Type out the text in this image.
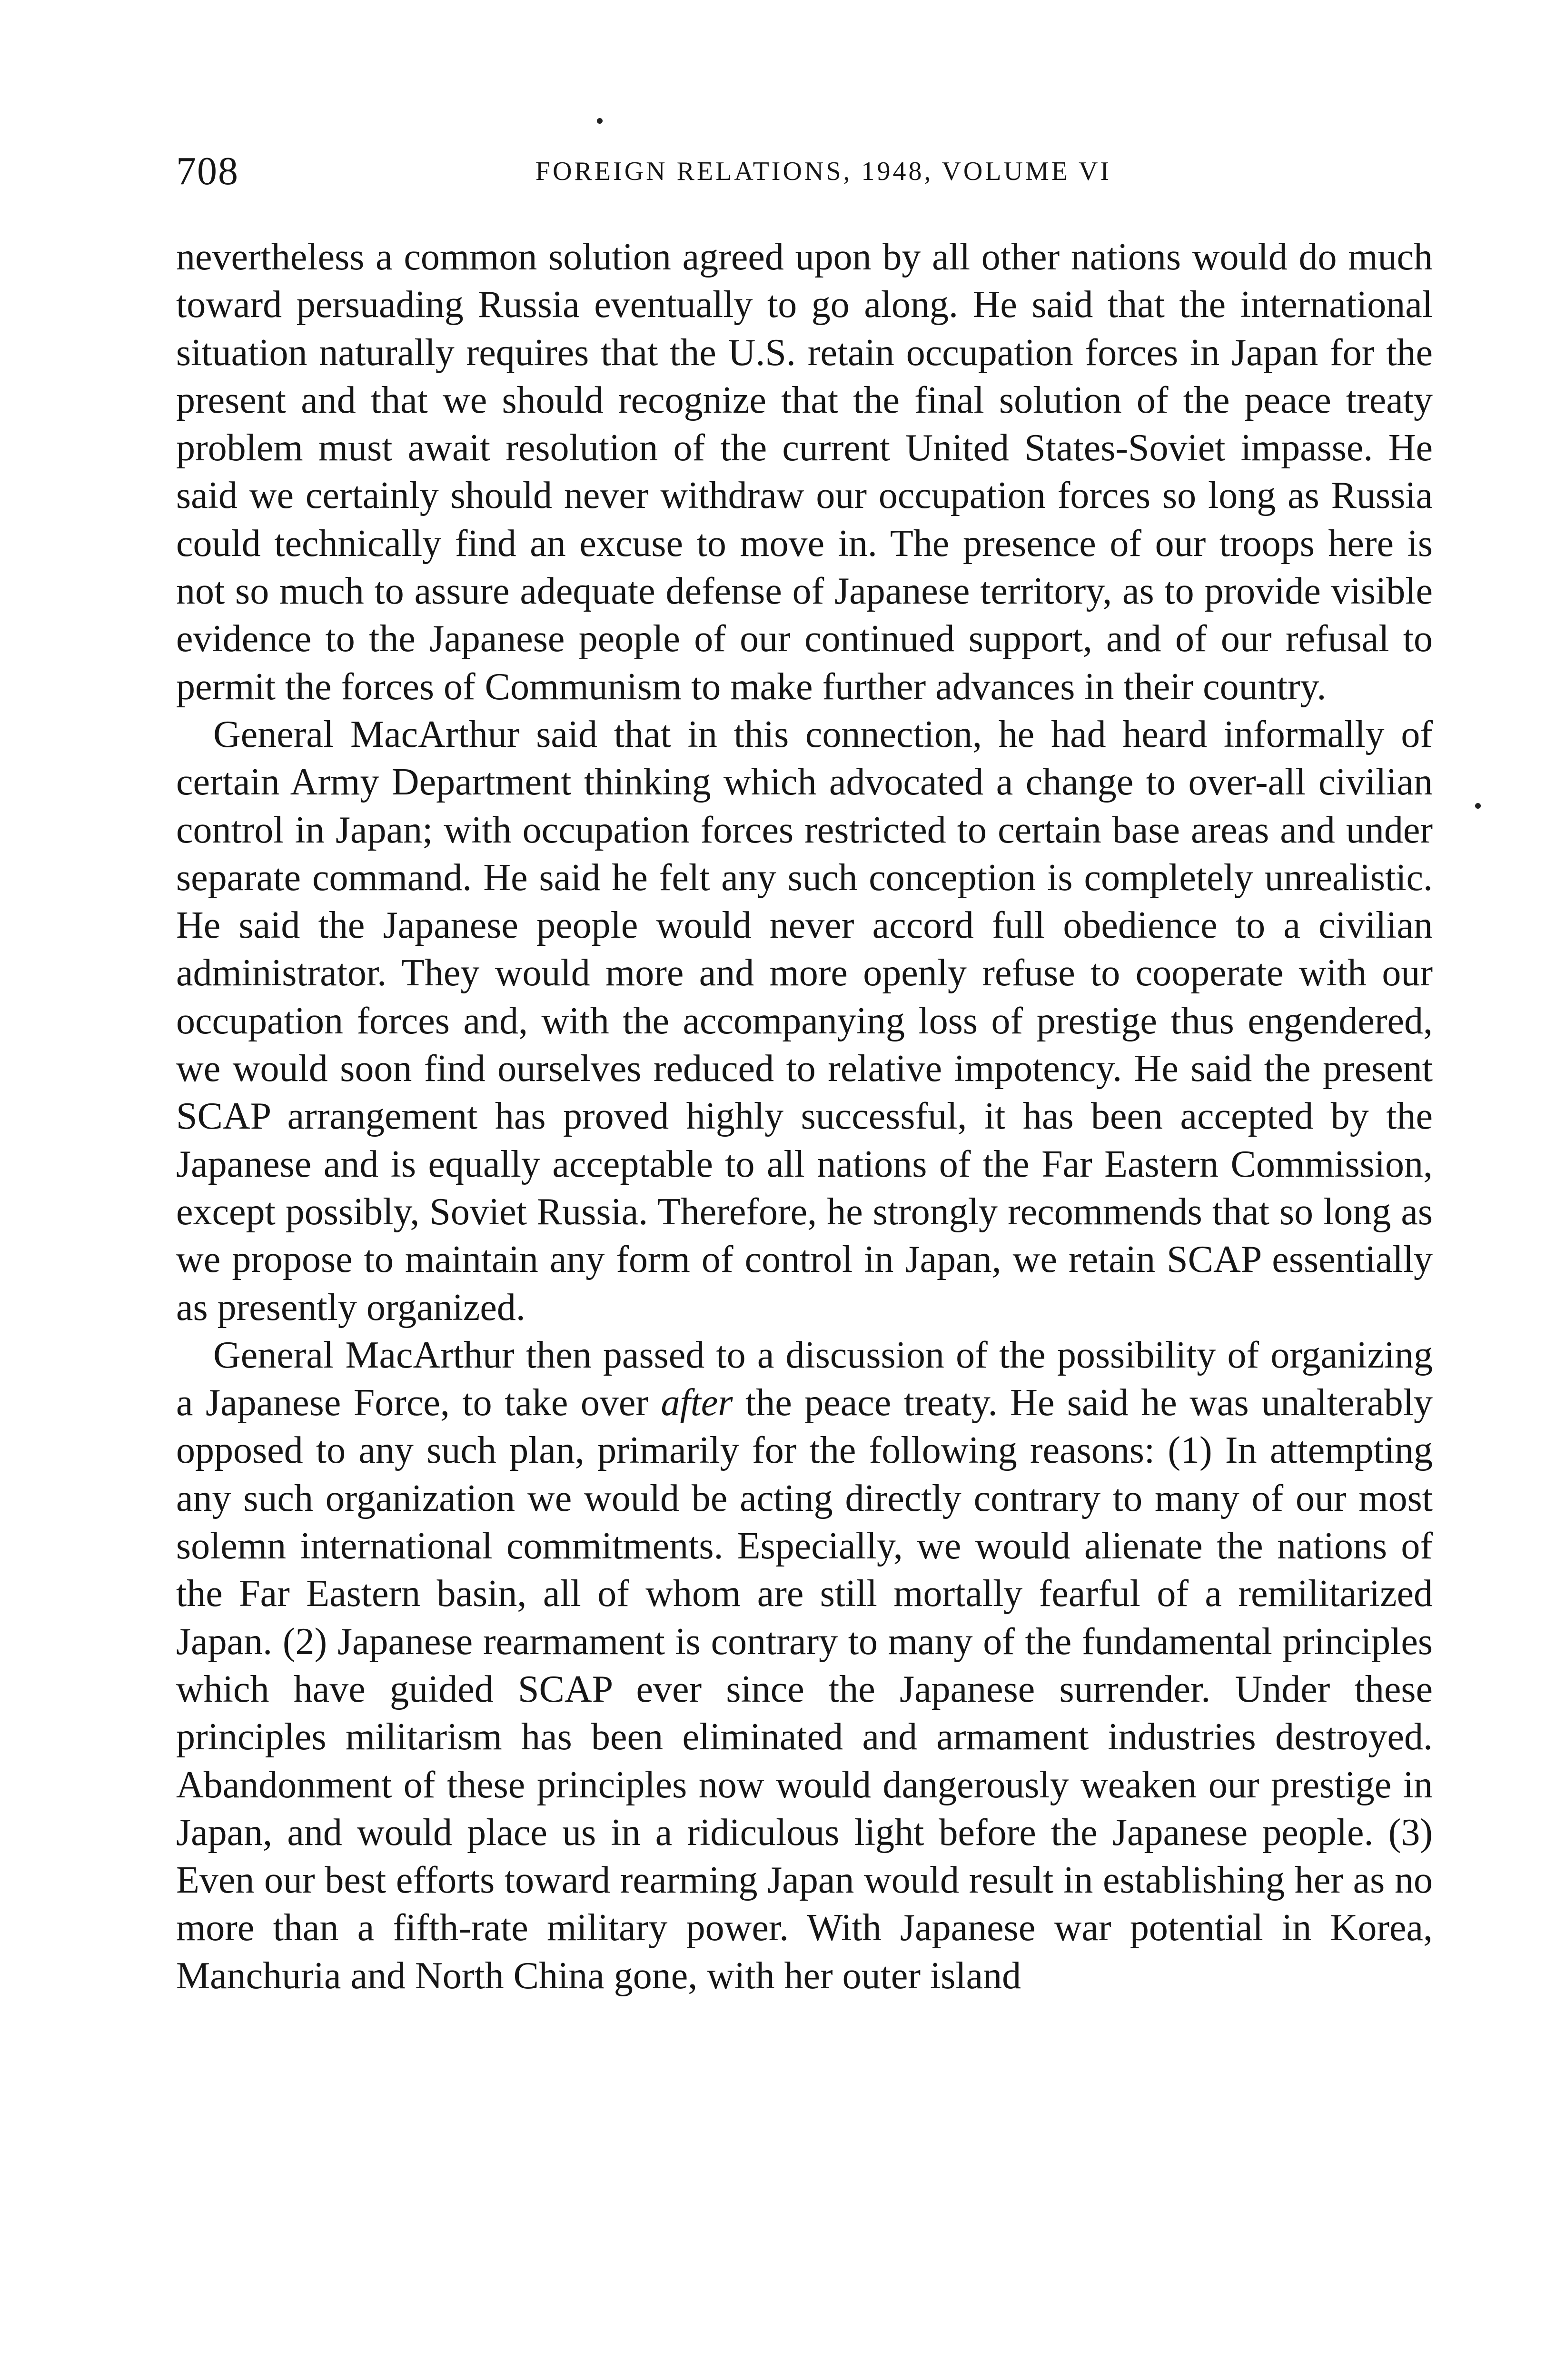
708	FOREIGN RELATIONS, 1948, VOLUME VI

nevertheless a common solution agreed upon by all other nations would do much toward persuading Russia eventually to go along. He said that the international situation naturally requires that the U.S. retain occupation forces in Japan for the present and that we should recognize that the final solution of the peace treaty problem must await resolution of the current United States-Soviet impasse. He said we certainly should never withdraw our occupation forces so long as Russia could technically find an excuse to move in. The presence of our troops here is not so much to assure adequate defense of Japanese territory, as to provide visible evidence to the Japanese people of our continued support, and of our refusal to permit the forces of Communism to make further advances in their country.

General MacArthur said that in this connection, he had heard informally of certain Army Department thinking which advocated a change to over-all civilian control in Japan; with occupation forces restricted to certain base areas and under separate command. He said he felt any such conception is completely unrealistic. He said the Japanese people would never accord full obedience to a civilian administrator. They would more and more openly refuse to cooperate with our occupation forces and, with the accompanying loss of prestige thus engendered, we would soon find ourselves reduced to relative impotency. He said the present SCAP arrangement has proved highly successful, it has been accepted by the Japanese and is equally acceptable to all nations of the Far Eastern Commission, except possibly, Soviet Russia. Therefore, he strongly recommends that so long as we propose to maintain any form of control in Japan, we retain SCAP essentially as presently organized.

General MacArthur then passed to a discussion of the possibility of organizing a Japanese Force, to take over after the peace treaty. He said he was unalterably opposed to any such plan, primarily for the following reasons: (1) In attempting any such organization we would be acting directly contrary to many of our most solemn international commitments. Especially, we would alienate the nations of the Far Eastern basin, all of whom are still mortally fearful of a remilitarized Japan. (2) Japanese rearmament is contrary to many of the fundamental principles which have guided SCAP ever since the Japanese surrender. Under these principles militarism has been eliminated and armament industries destroyed. Abandonment of these principles now would dangerously weaken our prestige in Japan, and would place us in a ridiculous light before the Japanese people. (3) Even our best efforts toward rearming Japan would result in establishing her as no more than a fifth-rate military power. With Japanese war potential in Korea, Manchuria and North China gone, with her outer island
